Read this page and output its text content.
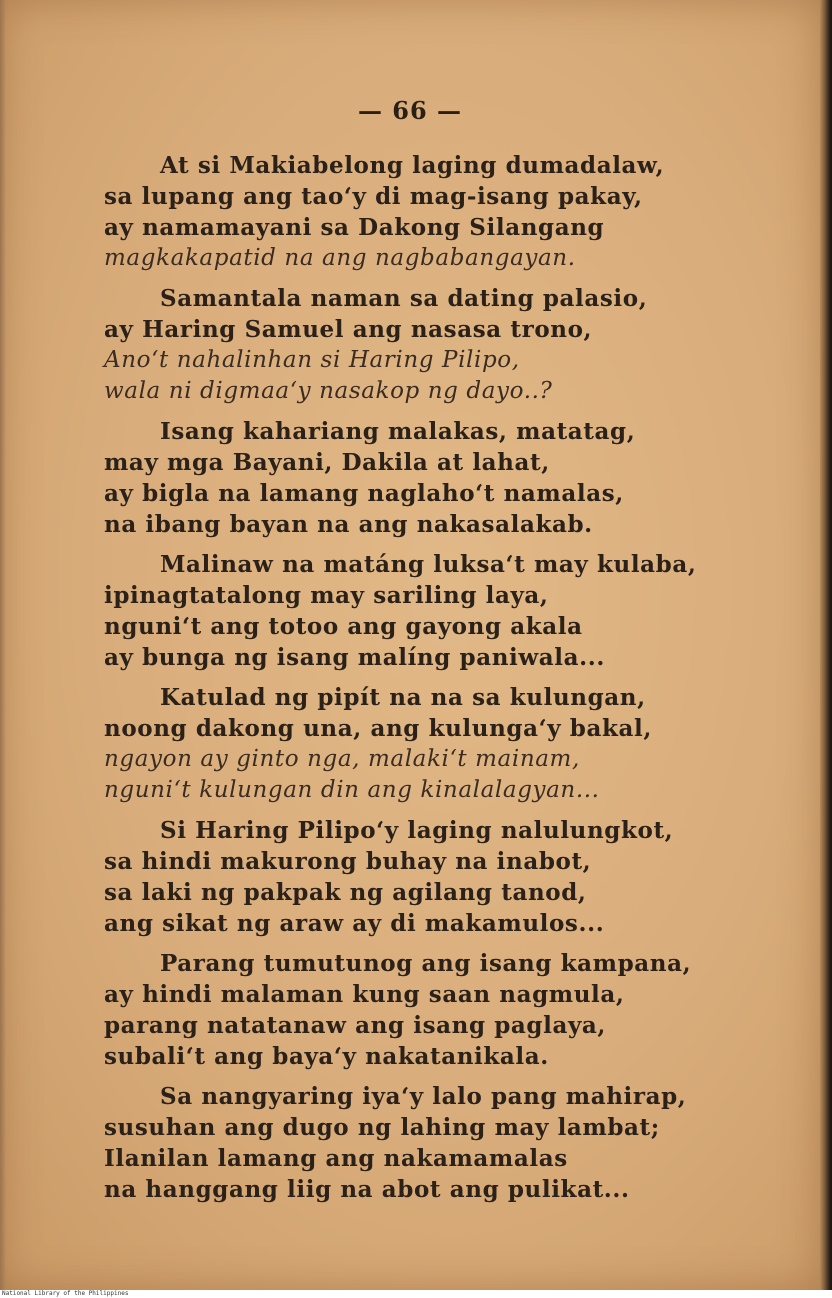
— 66 —
At si Makiabelong laging dumadalaw,
sa lupang ang tao‘y di mag-isang pakay,
ay namamayani sa Dakong Silangang
magkakapatid na ang nagbabangayan.
Samantala naman sa dating palasio,
ay Haring Samuel ang nasasa trono,
Ano‘t nahalinhan si Haring Pilipo,
wala ni digmaa‘y nasakop ng dayo..?
Isang kahariang malakas, matatag,
may mga Bayani, Dakila at lahat,
ay bigla na lamang naglaho‘t namalas,
na ibang bayan na ang nakasalakab.
Malinaw na matáng luksa‘t may kulaba,
ipinagtatalong may sariling laya,
nguni‘t ang totoo ang gayong akala
ay bunga ng isang malíng paniwala...
Katulad ng pipít na na sa kulungan,
noong dakong una, ang kulunga‘y bakal,
ngayon ay ginto nga, malaki‘t mainam,
nguni‘t kulungan din ang kinalalagyan...
Si Haring Pilipo‘y laging nalulungkot,
sa hindi makurong buhay na inabot,
sa laki ng pakpak ng agilang tanod,
ang sikat ng araw ay di makamulos...
Parang tumutunog ang isang kampana,
ay hindi malaman kung saan nagmula,
parang natatanaw ang isang paglaya,
subali‘t ang baya‘y nakatanikala.
Sa nangyaring iya‘y lalo pang mahirap,
susuhan ang dugo ng lahing may lambat;
Ilanilan lamang ang nakamamalas
na hanggang liig na abot ang pulikat...
National Library of the Philippines
